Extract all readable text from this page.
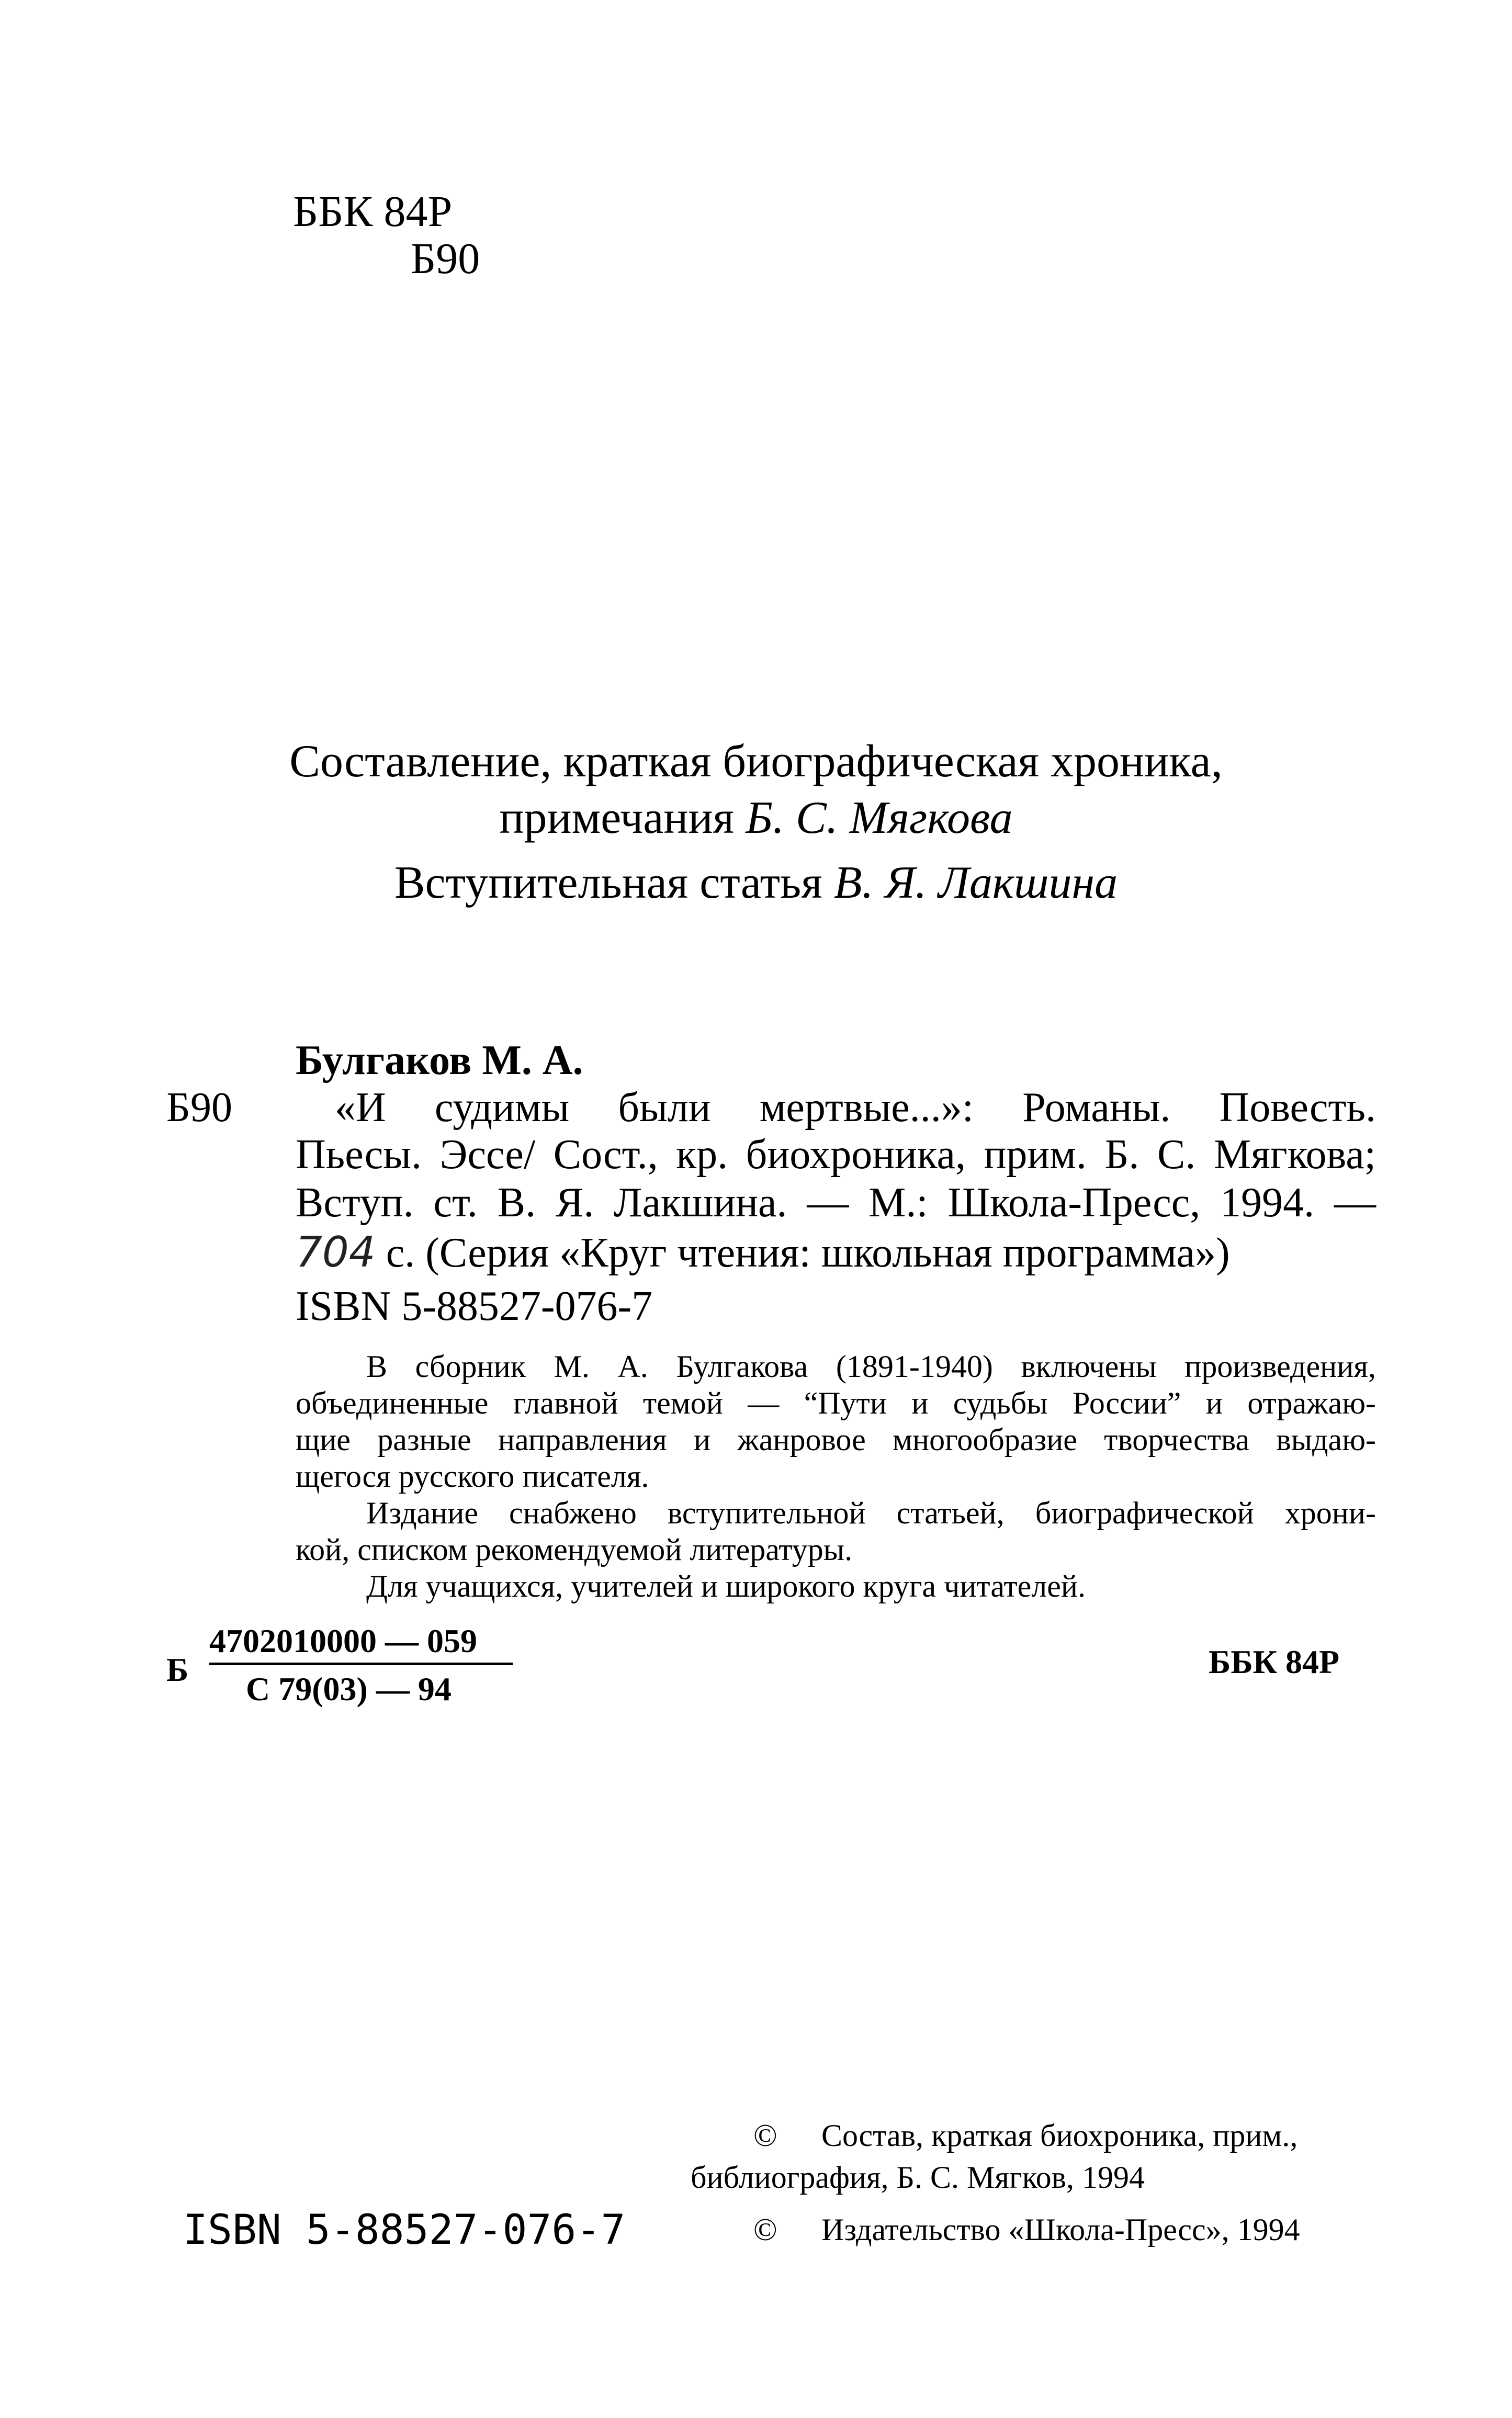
ББК 84Р
Б90
Составление, краткая биографическая хроника,
примечания Б. С. Мягкова
Вступительная статья В. Я. Лакшина
Булгаков М. А.
Б90 «И судимы были мертвые...»: Романы. Повесть.
Пьесы. Эссе/ Сост., кр. биохроника, прим. Б. С. Мягкова;
Вступ. ст. В. Я. Лакшина. — М.: Школа-Пресс, 1994. —
704 с. (Серия «Круг чтения: школьная программа»)
ISBN 5-88527-076-7
В сборник М. А. Булгакова (1891-1940) включены произведения,
объединенные главной темой — “Пути и судьбы России” и отражаю-
щие разные направления и жанровое многообразие творчества выдаю-
щегося русского писателя.
Издание снабжено вступительной статьей, биографической хрони-
кой, списком рекомендуемой литературы.
Для учащихся, учителей и широкого круга читателей.
Б
4702010000 — 059
С 79(03) — 94
ББК 84Р
© Состав, краткая биохроника, прим.,
библиография, Б. С. Мягков, 1994
© Издательство «Школа-Пресс», 1994
ISBN 5-88527-076-7
